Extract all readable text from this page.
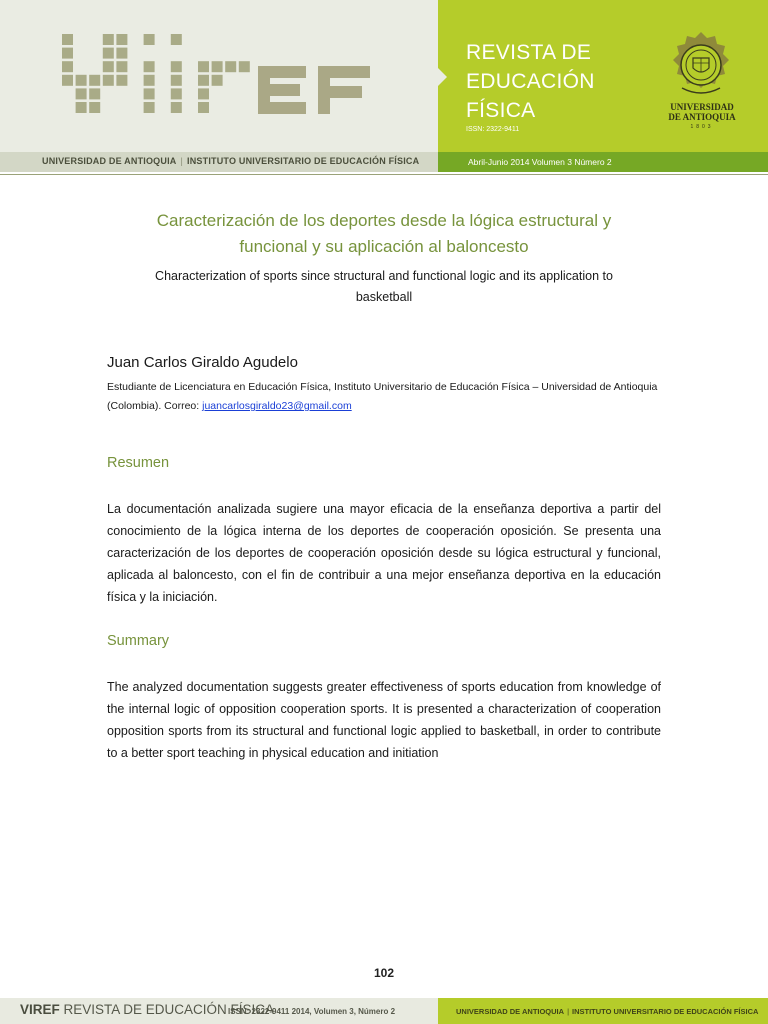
REVISTA DE
EDUCACIÓN
FÍSICA
ISSN: 2322-9411
UNIVERSIDAD
DE ANTIOQUIA
1803
UNIVERSIDAD DE ANTIOQUIA | INSTITUTO UNIVERSITARIO DE EDUCACIÓN FÍSICA	Abril-Junio 2014 Volumen 3 Número 2
Caracterización de los deportes desde la lógica estructural y
funcional y su aplicación al baloncesto
Characterization of sports since structural and functional logic and its application to
basketball
Juan Carlos Giraldo Agudelo
Estudiante de Licenciatura en Educación Física, Instituto Universitario de Educación Física – Universidad de Antioquia (Colombia). Correo: juancarlosgiraldo23@gmail.com
Resumen
La documentación analizada sugiere una mayor eficacia de la enseñanza deportiva a partir del conocimiento de la lógica interna de los deportes de cooperación oposición. Se presenta una caracterización de los deportes de cooperación oposición desde su lógica estructural y funcional, aplicada al baloncesto, con el fin de contribuir a una mejor enseñanza deportiva en la educación física y la iniciación.
Summary
The analyzed documentation suggests greater effectiveness of sports education from knowledge of the internal logic of opposition cooperation sports. It is presented a characterization of cooperation opposition sports from its structural and functional logic applied to basketball, in order to contribute to a better sport teaching in physical education and initiation
102
VIREF REVISTA DE EDUCACIÓN FÍSICA
ISSN: 2322-9411 2014, Volumen 3, Número 2	UNIVERSIDAD DE ANTIOQUIA | INSTITUTO UNIVERSITARIO DE EDUCACIÓN FÍSICA
